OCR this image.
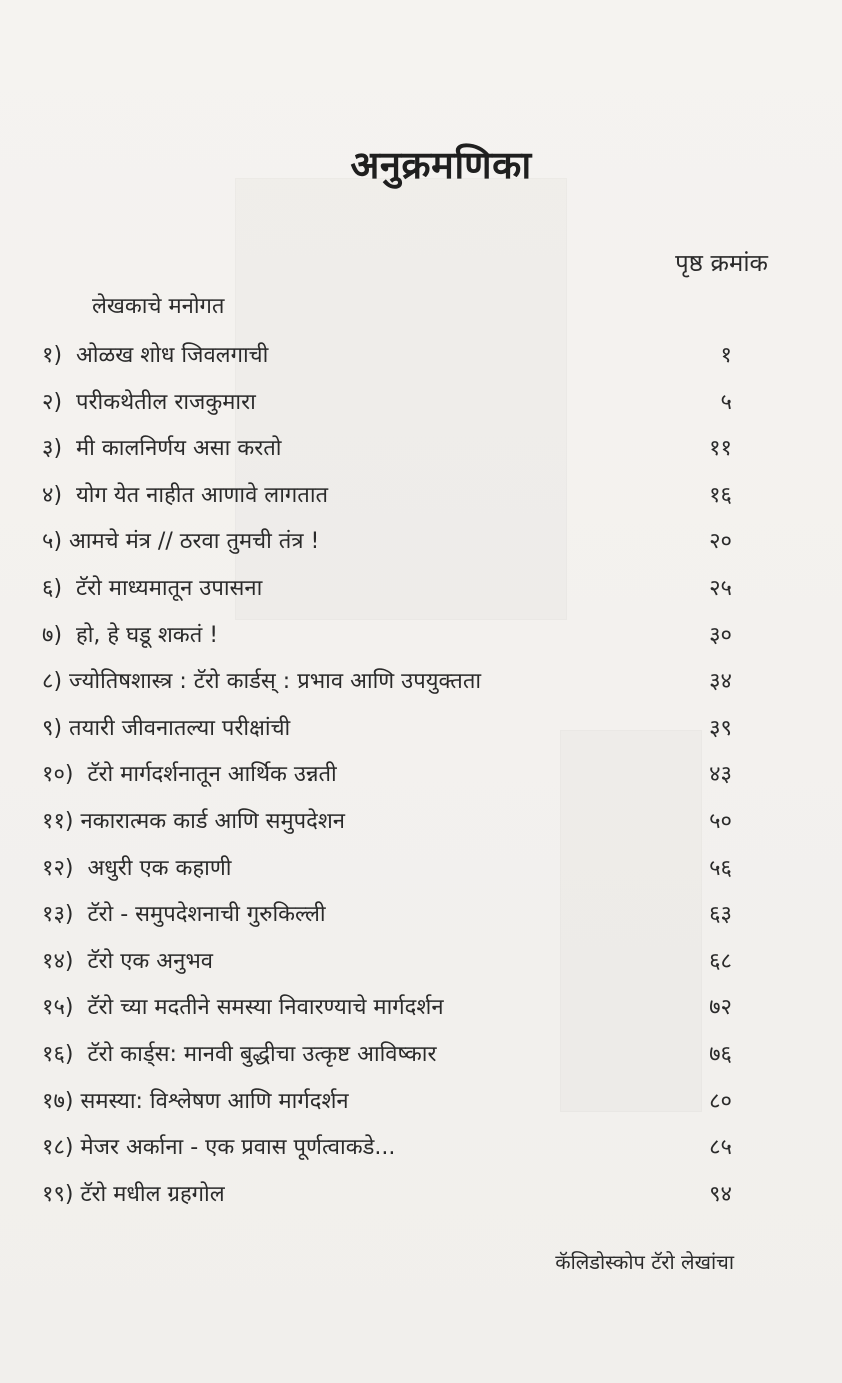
अनुक्रमणिका
पृष्ठ क्रमांक
लेखकाचे मनोगत
१) ओळख शोध जिवलगाची	१
२) परीकथेतील राजकुमारा	५
३) मी कालनिर्णय असा करतो	११
४) योग येत नाहीत आणावे लागतात	१६
५) आमचे मंत्र // ठरवा तुमची तंत्र !	२०
६) टॅरो माध्यमातून उपासना	२५
७) हो, हे घडू शकतं !	३०
८) ज्योतिषशास्त्र : टॅरो कार्डस् : प्रभाव आणि उपयुक्तता	३४
९) तयारी जीवनातल्या परीक्षांची	३९
१०) टॅरो मार्गदर्शनातून आर्थिक उन्नती	४३
११) नकारात्मक कार्ड आणि समुपदेशन	५०
१२) अधुरी एक कहाणी	५६
१३) टॅरो - समुपदेशनाची गुरुकिल्ली	६३
१४) टॅरो एक अनुभव	६८
१५) टॅरो च्या मदतीने समस्या निवारण्याचे मार्गदर्शन	७२
१६) टॅरो कार्ड्स: मानवी बुद्धीचा उत्कृष्ट आविष्कार	७६
१७) समस्या: विश्लेषण आणि मार्गदर्शन	८०
१८) मेजर अर्काना - एक प्रवास पूर्णत्वाकडे...	८५
१९) टॅरो मधील ग्रहगोल	९४
कॅलिडोस्कोप टॅरो लेखांचा
